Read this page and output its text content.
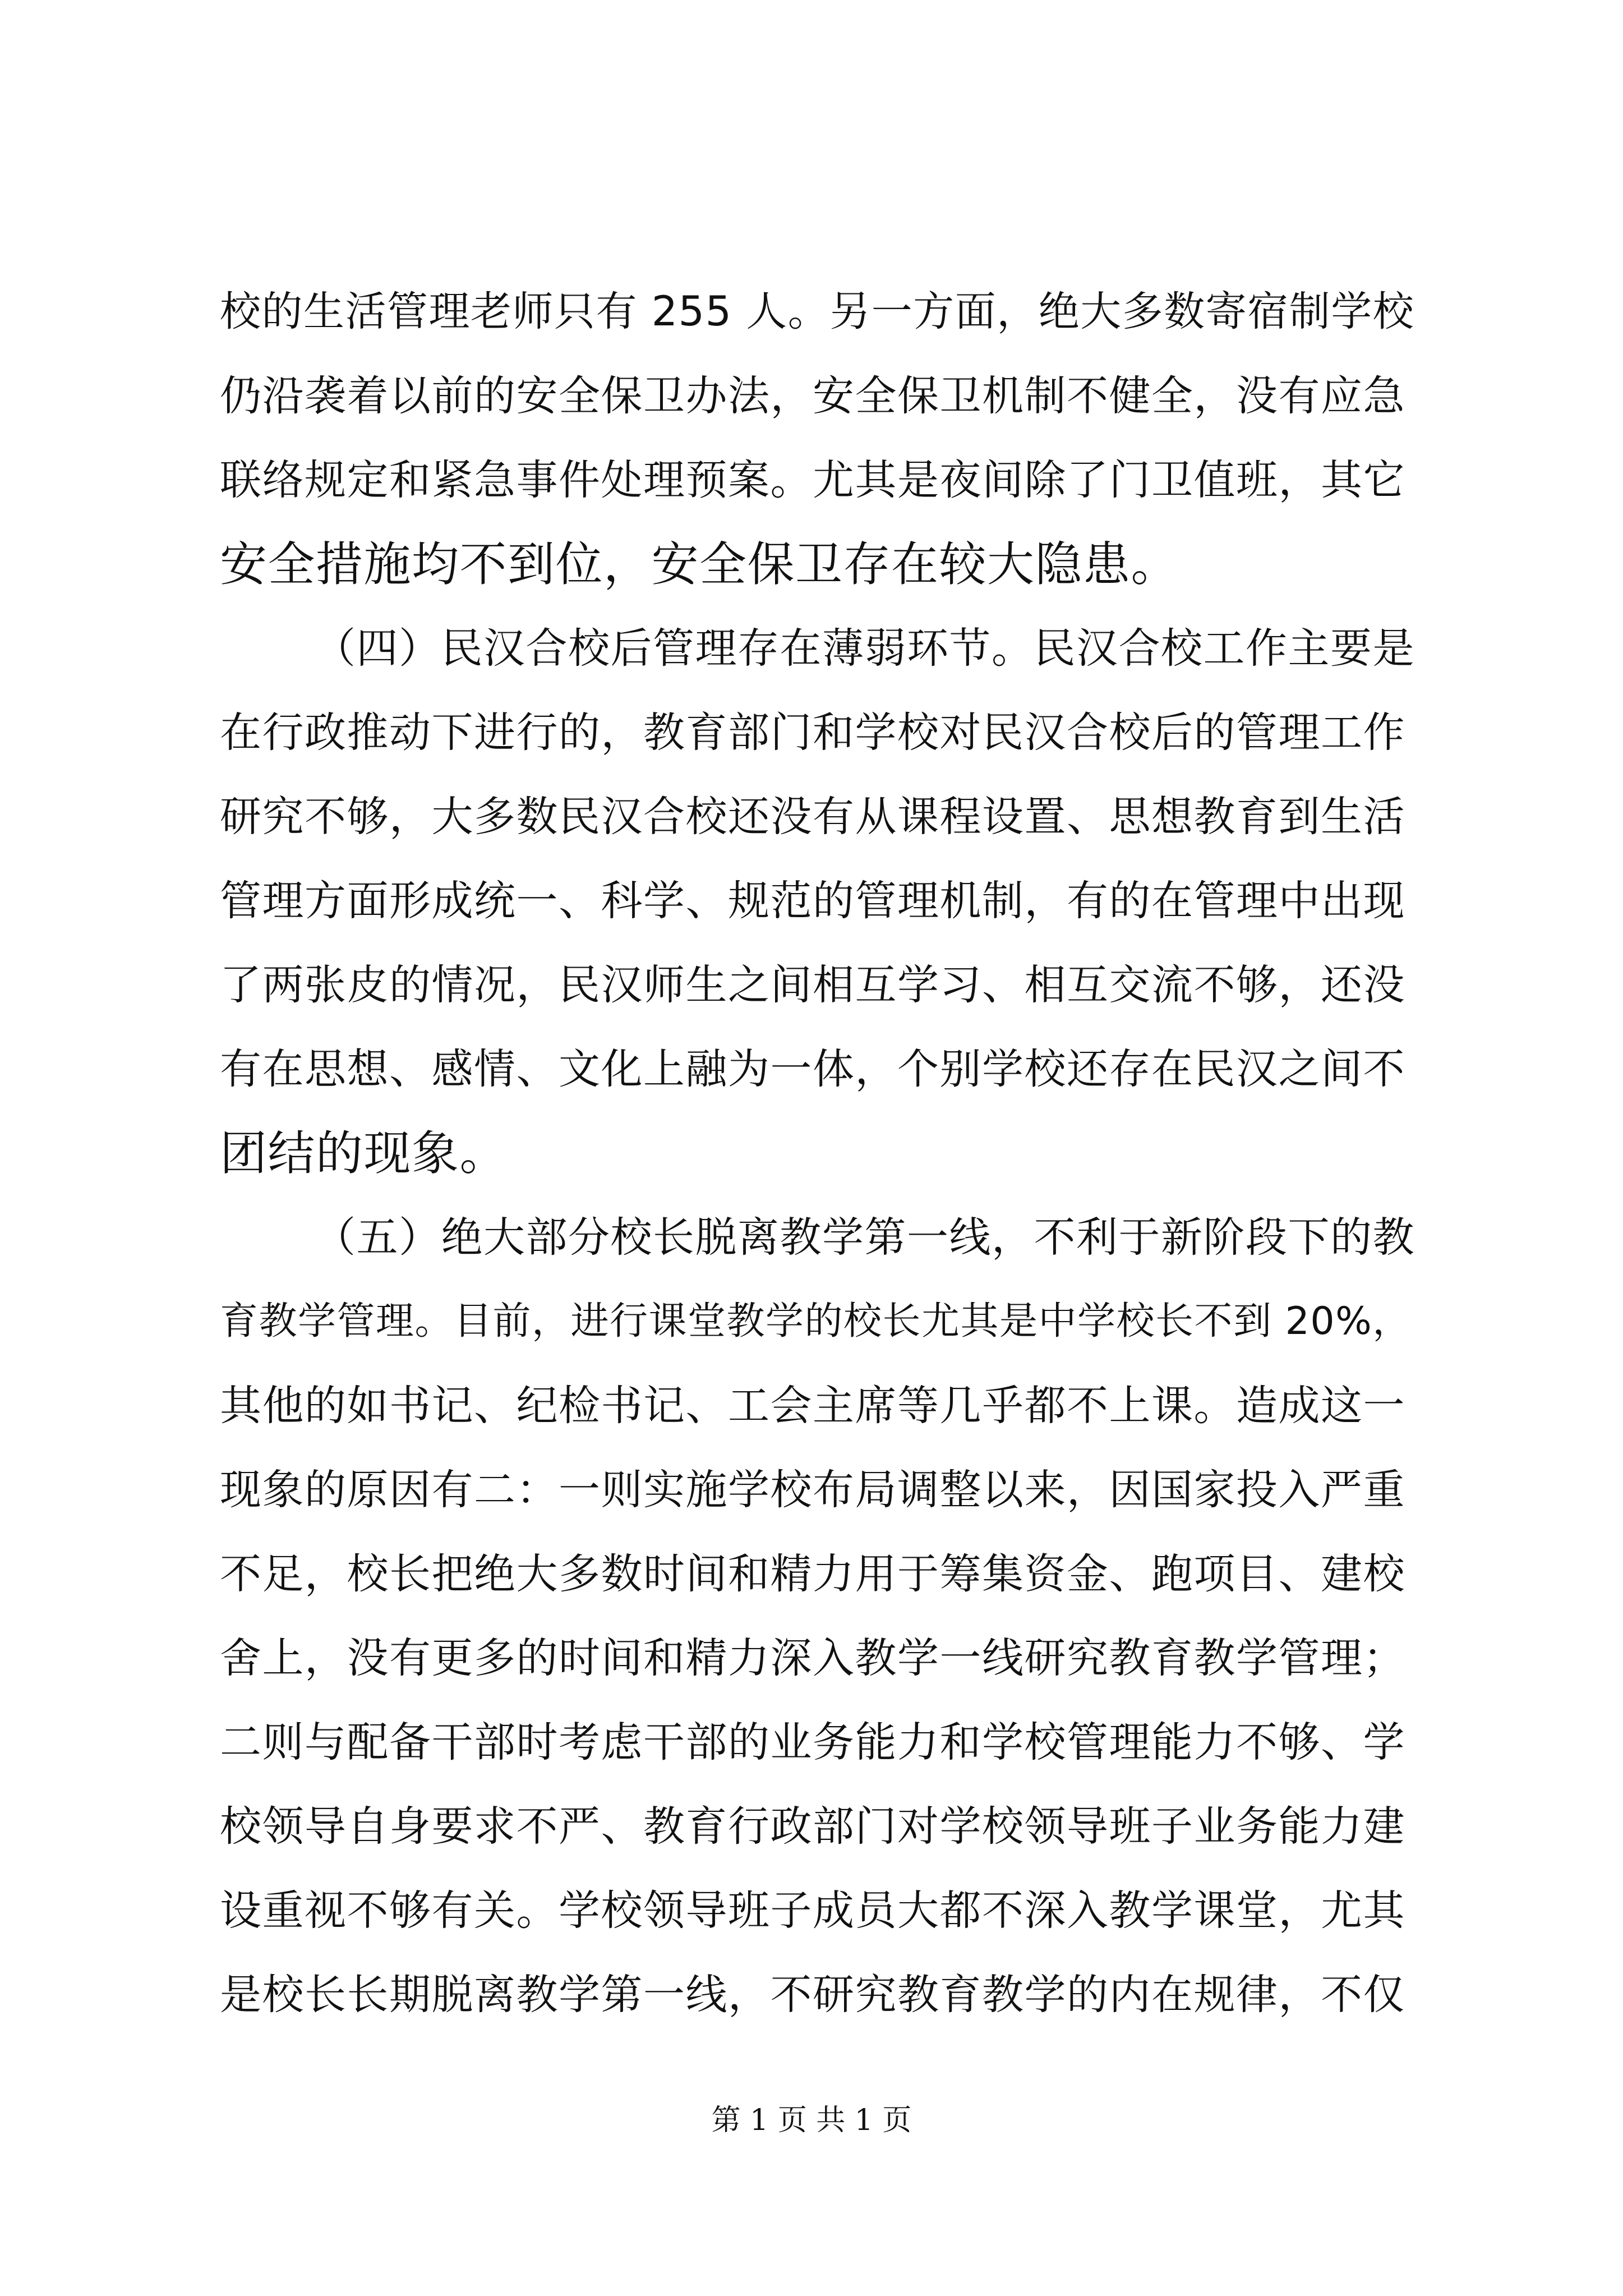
校的生活管理老师只有 255 人。另一方面，绝大多数寄宿制学校
仍沿袭着以前的安全保卫办法，安全保卫机制不健全，没有应急
联络规定和紧急事件处理预案。尤其是夜间除了门卫值班，其它
安全措施均不到位，安全保卫存在较大隐患。
（四）民汉合校后管理存在薄弱环节。民汉合校工作主要是
在行政推动下进行的，教育部门和学校对民汉合校后的管理工作
研究不够，大多数民汉合校还没有从课程设置、思想教育到生活
管理方面形成统一、科学、规范的管理机制，有的在管理中出现
了两张皮的情况，民汉师生之间相互学习、相互交流不够，还没
有在思想、感情、文化上融为一体，个别学校还存在民汉之间不
团结的现象。
（五）绝大部分校长脱离教学第一线，不利于新阶段下的教
育教学管理。目前，进行课堂教学的校长尤其是中学校长不到 20%，
其他的如书记、纪检书记、工会主席等几乎都不上课。造成这一
现象的原因有二：一则实施学校布局调整以来，因国家投入严重
不足，校长把绝大多数时间和精力用于筹集资金、跑项目、建校
舍上，没有更多的时间和精力深入教学一线研究教育教学管理；
二则与配备干部时考虑干部的业务能力和学校管理能力不够、学
校领导自身要求不严、教育行政部门对学校领导班子业务能力建
设重视不够有关。学校领导班子成员大都不深入教学课堂，尤其
是校长长期脱离教学第一线，不研究教育教学的内在规律，不仅
第 1 页 共 1 页
